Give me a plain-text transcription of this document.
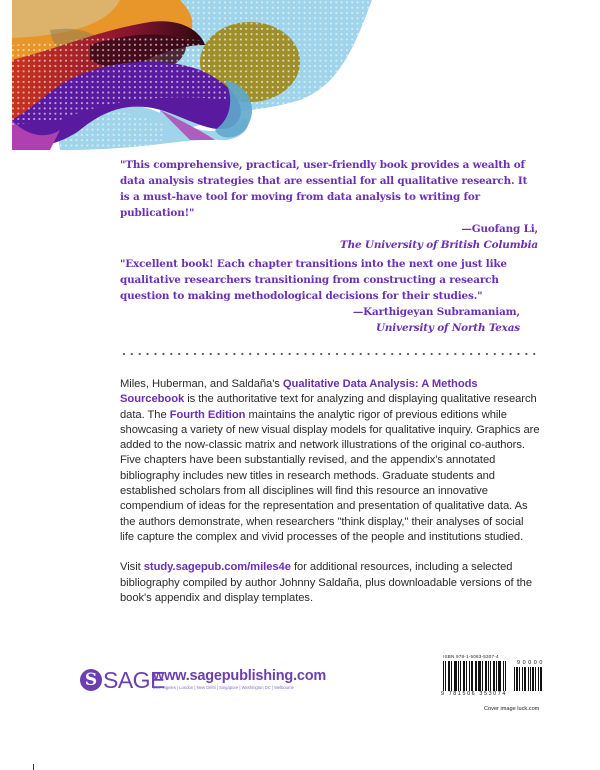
"This comprehensive, practical, user-friendly book provides a wealth of data analysis strategies that are essential for all qualitative research. It is a must-have tool for moving from data analysis to writing for publication!"
—Guofang Li,
The University of British Columbia
"Excellent book! Each chapter transitions into the next one just like qualitative researchers transitioning from constructing a research question to making methodological decisions for their studies."
—Karthigeyan Subramaniam,
University of North Texas

Miles, Huberman, and Saldaña's Qualitative Data Analysis: A Methods Sourcebook is the authoritative text for analyzing and displaying qualitative research data. The Fourth Edition maintains the analytic rigor of previous editions while showcasing a variety of new visual display models for qualitative inquiry. Graphics are added to the now-classic matrix and network illustrations of the original co-authors. Five chapters have been substantially revised, and the appendix's annotated bibliography includes new titles in research methods. Graduate students and established scholars from all disciplines will find this resource an innovative compendium of ideas for the representation and presentation of qualitative data. As the authors demonstrate, when researchers "think display," their analyses of social life capture the complex and vivid processes of the people and institutions studied.

Visit study.sagepub.com/miles4e for additional resources, including a selected bibliography compiled by author Johnny Saldaña, plus downloadable versions of the book's appendix and display templates.

S SAGE
www.sagepublishing.com
Los Angeles | London | New Delhi | Singapore | Washington DC | Melbourne
ISBN 978-1-5063-5307-4
9 781506 353074
90000
Cover image luck.com
